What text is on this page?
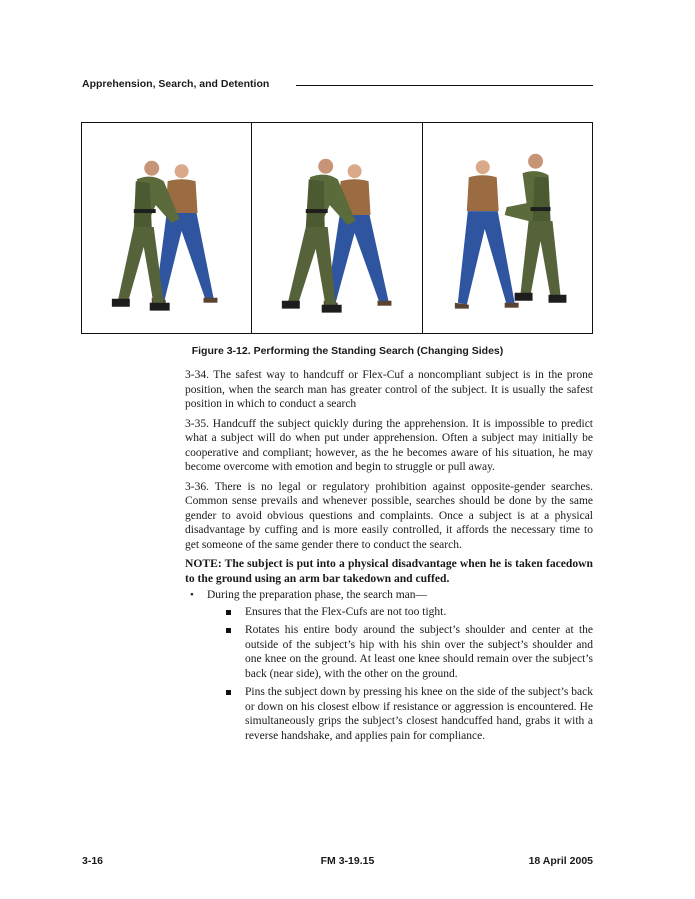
Apprehension, Search, and Detention
Figure 3-12. Performing the Standing Search (Changing Sides)

3-34. The safest way to handcuff or Flex-Cuf a noncompliant subject is in the prone position, when the search man has greater control of the subject. It is usually the safest position in which to conduct a search

3-35. Handcuff the subject quickly during the apprehension. It is impossible to predict what a subject will do when put under apprehension. Often a subject may initially be cooperative and compliant; however, as the he becomes aware of his situation, he may become overcome with emotion and begin to struggle or pull away.

3-36. There is no legal or regulatory prohibition against opposite-gender searches. Common sense prevails and whenever possible, searches should be done by the same gender to avoid obvious questions and complaints. Once a subject is at a physical disadvantage by cuffing and is more easily controlled, it affords the necessary time to get someone of the same gender there to conduct the search.

NOTE: The subject is put into a physical disadvantage when he is taken facedown to the ground using an arm bar takedown and cuffed.

• During the preparation phase, the search man—
Ensures that the Flex-Cufs are not too tight.
Rotates his entire body around the subject’s shoulder and center at the outside of the subject’s hip with his shin over the subject’s shoulder and one knee on the ground. At least one knee should remain over the subject’s back (near side), with the other on the ground.
Pins the subject down by pressing his knee on the side of the subject’s back or down on his closest elbow if resistance or aggression is encountered. He simultaneously grips the subject’s closest handcuffed hand, grabs it with a reverse handshake, and applies pain for compliance.
3-16	FM 3-19.15	18 April 2005
